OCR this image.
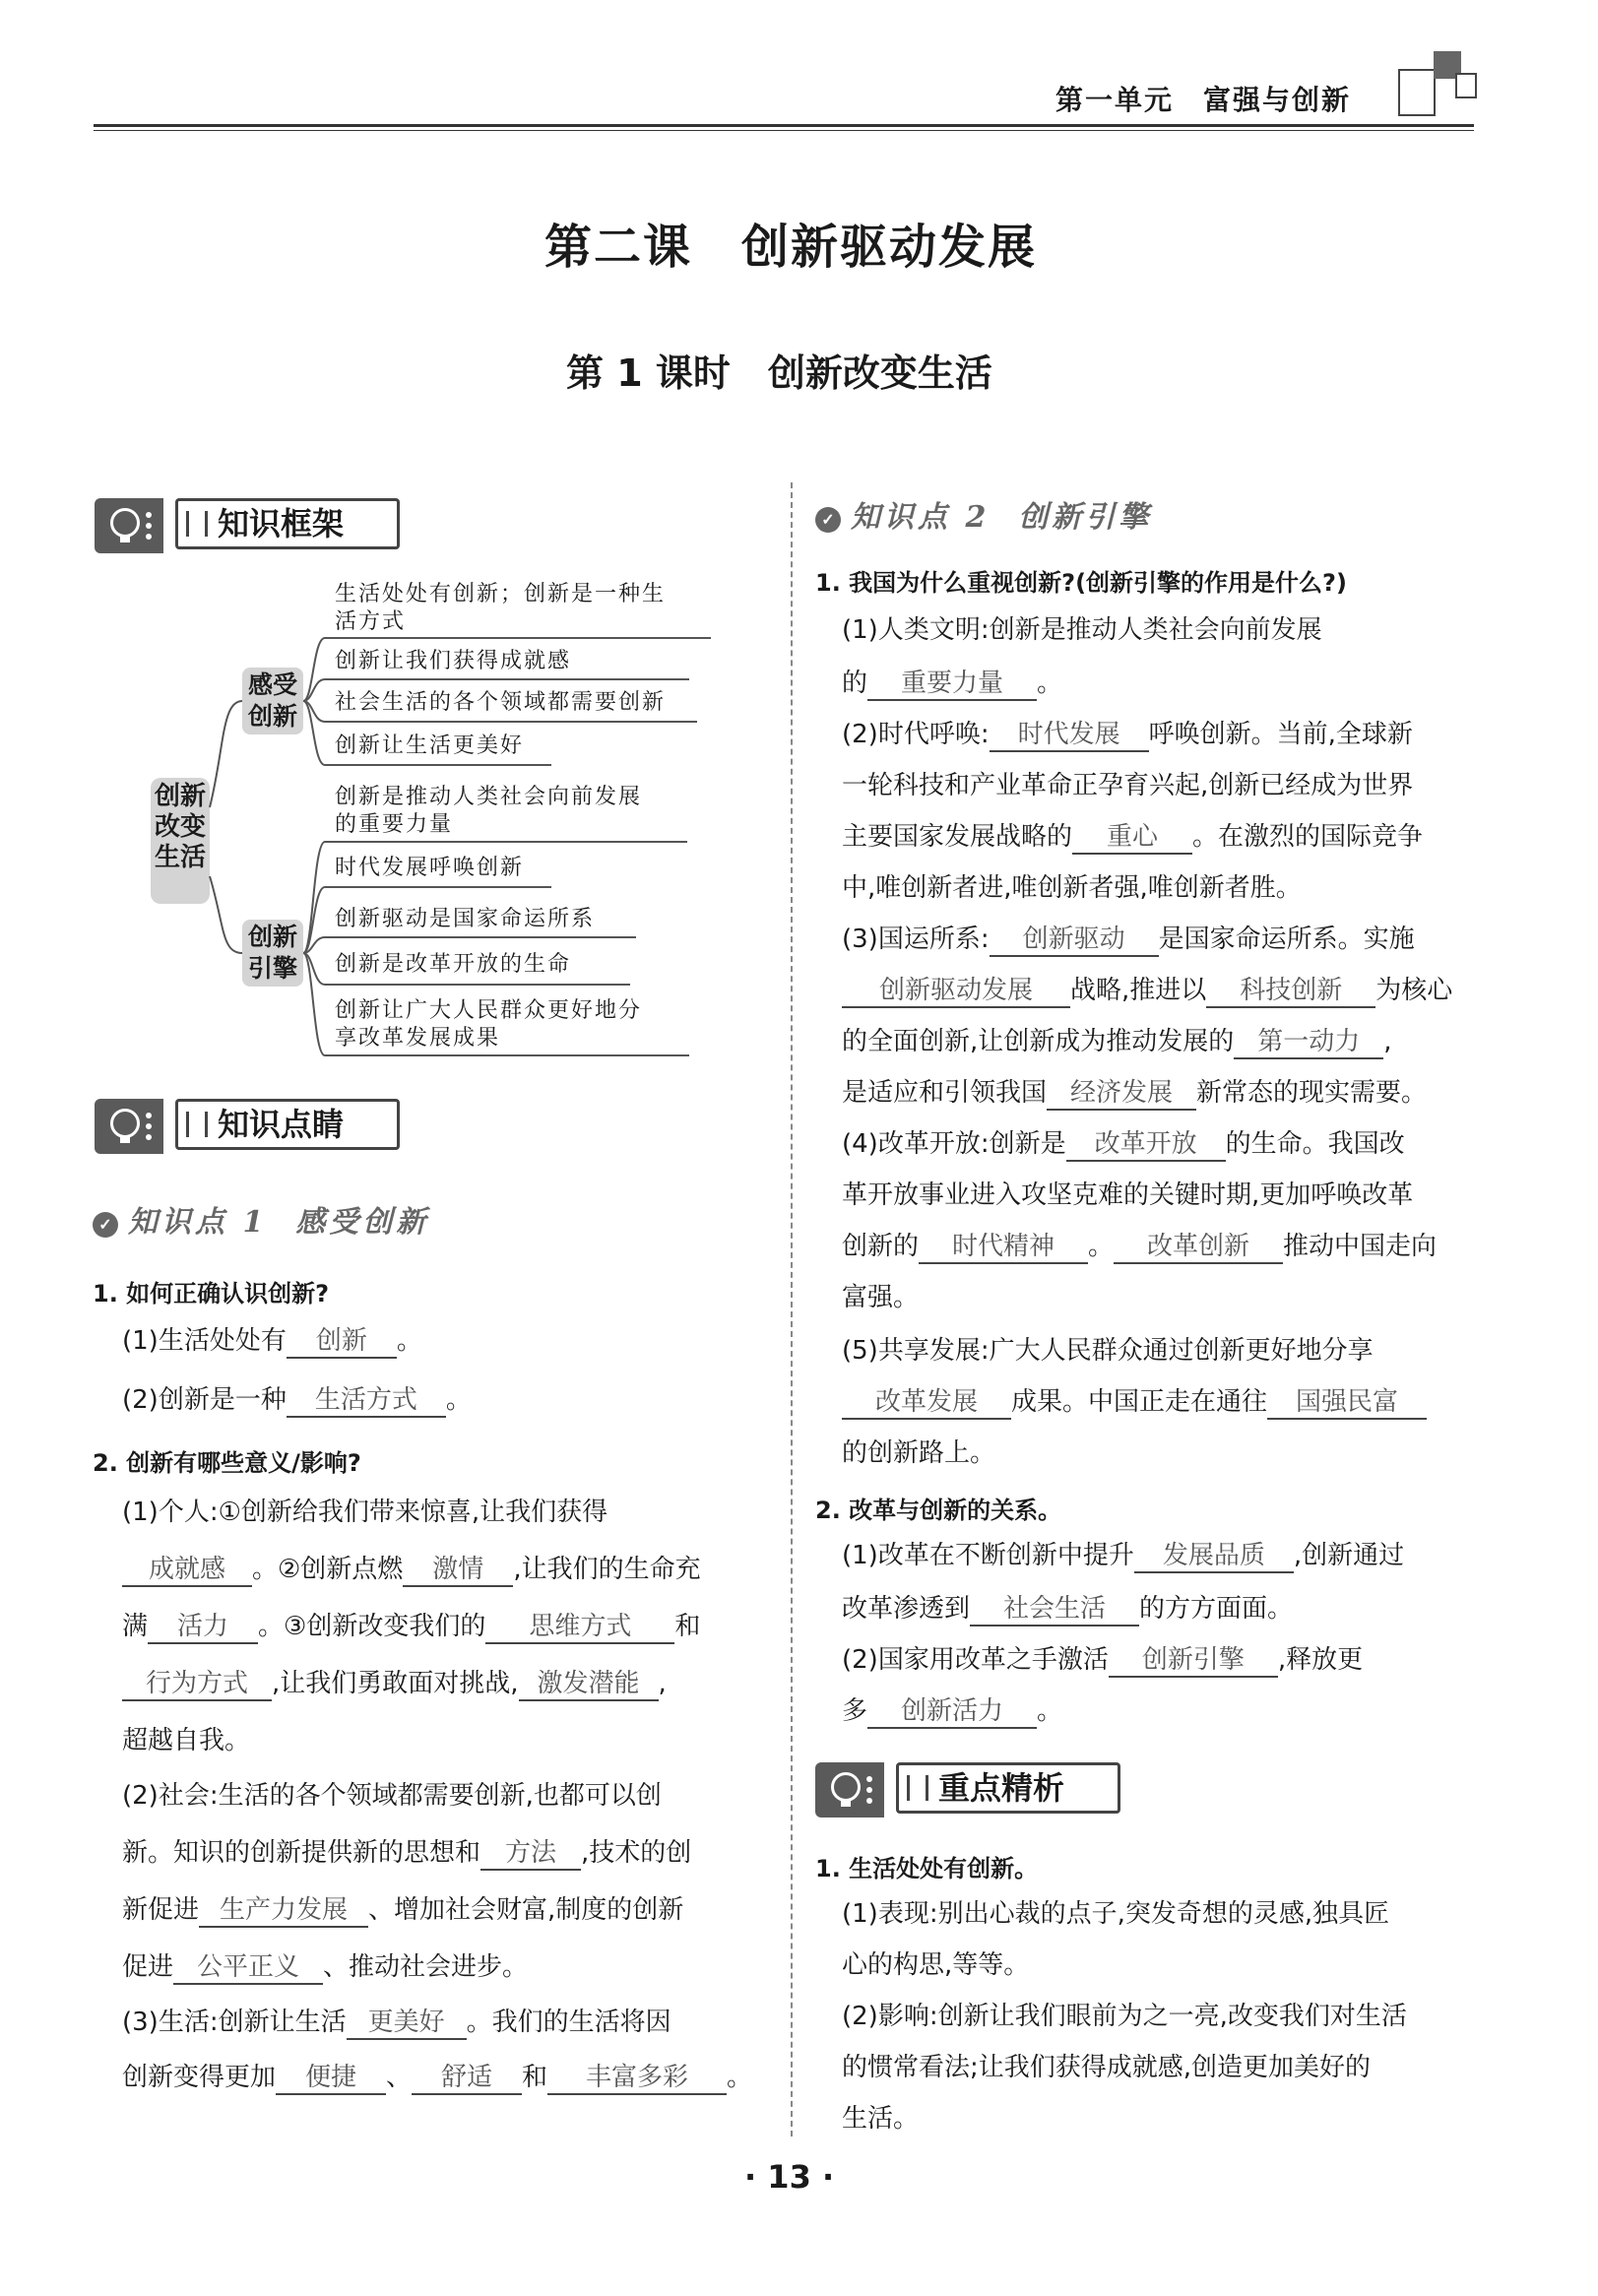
第一单元　富强与创新
第二课　创新驱动发展
第 1 课时　创新改变生活
知识框架
创新
改变
生活
感受
创新
创新
引擎
生活处处有创新；创新是一种生
活方式
创新让我们获得成就感
社会生活的各个领域都需要创新
创新让生活更美好
创新是推动人类社会向前发展
的重要力量
时代发展呼唤创新
创新驱动是国家命运所系
创新是改革开放的生命
创新让广大人民群众更好地分
享改革发展成果
知识点睛
✓ 知识点 1  感受创新
1. 如何正确认识创新?
(1)生活处处有 创新 。
(2)创新是一种 生活方式 。
2. 创新有哪些意义/影响?
(1)个人:①创新给我们带来惊喜,让我们获得
成就感 。②创新点燃 激情 ,让我们的生命充
满 活力 。③创新改变我们的 思维方式 和
行为方式 ,让我们勇敢面对挑战, 激发潜能 ,
超越自我。
(2)社会:生活的各个领域都需要创新,也都可以创
新。知识的创新提供新的思想和 方法 ,技术的创
新促进 生产力发展 、增加社会财富,制度的创新
促进 公平正义 、推动社会进步。
(3)生活:创新让生活 更美好 。我们的生活将因
创新变得更加 便捷 、 舒适 和 丰富多彩 。
✓ 知识点 2  创新引擎
1. 我国为什么重视创新?(创新引擎的作用是什么?)
(1)人类文明:创新是推动人类社会向前发展
的 重要力量 。
(2)时代呼唤: 时代发展 呼唤创新。当前,全球新
一轮科技和产业革命正孕育兴起,创新已经成为世界
主要国家发展战略的 重心 。在激烈的国际竞争
中,唯创新者进,唯创新者强,唯创新者胜。
(3)国运所系: 创新驱动 是国家命运所系。实施
创新驱动发展 战略,推进以 科技创新 为核心
的全面创新,让创新成为推动发展的 第一动力 ,
是适应和引领我国 经济发展 新常态的现实需要。
(4)改革开放:创新是 改革开放 的生命。我国改
革开放事业进入攻坚克难的关键时期,更加呼唤改革
创新的 时代精神 。 改革创新 推动中国走向
富强。
(5)共享发展:广大人民群众通过创新更好地分享
改革发展 成果。中国正走在通往 国强民富
的创新路上。
2. 改革与创新的关系。
(1)改革在不断创新中提升 发展品质 ,创新通过
改革渗透到 社会生活 的方方面面。
(2)国家用改革之手激活 创新引擎 ,释放更
多 创新活力 。
重点精析
1. 生活处处有创新。
(1)表现:别出心裁的点子,突发奇想的灵感,独具匠
心的构思,等等。
(2)影响:创新让我们眼前为之一亮,改变我们对生活
的惯常看法;让我们获得成就感,创造更加美好的
生活。
· 13 ·
